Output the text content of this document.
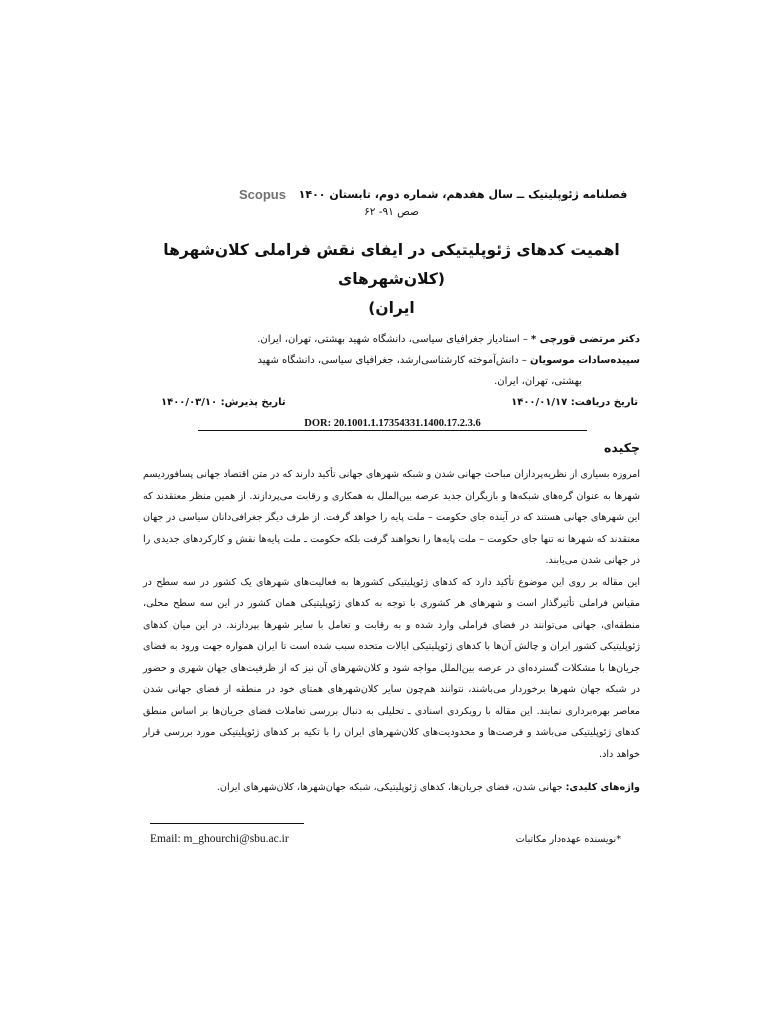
فصلنامه ژئوپلیتیک ــ سال هفدهم، شماره دوم، تابستان ۱۴۰۰
Scopus
صص ۹۱- ۶۲
اهمیت کدهای ژئوپلیتیکی در ایفای نقش فراملی کلان‌شهرها (کلان‌شهرهای
ایران)
دکتر مرتضی قورچی * – استادیار جغرافیای سیاسی، دانشگاه شهید بهشتی، تهران، ایران.
سپیده‌سادات موسویان – دانش‌آموخته کارشناسی‌ارشد، جغرافیای سیاسی، دانشگاه شهید
بهشتی، تهران، ایران.
تاریخ دریافت: ۱۴۰۰/۰۱/۱۷
تاریخ پذیرش: ۱۴۰۰/۰۳/۱۰
DOR: 20.1001.1.17354331.1400.17.2.3.6
چکیده

امروزه بسیاری از نظریه‌پردازان مباحث جهانی شدن و شبکه شهرهای جهانی تأکید دارند که در متن اقتصاد جهانی پسافوردیسم شهرها به عنوان گره‌های شبکه‌ها و بازیگران جدید عرصه بین‌الملل به همکاری و رقابت می‌پردازند. از همین منظر معتقدند که این شهرهای جهانی هستند که در آینده جای حکومت – ملت پایه را خواهد گرفت. از طرف دیگر جغرافی‌دانان سیاسی در جهان معتقدند که شهرها نه تنها جای حکومت – ملت پایه‌ها را نخواهند گرفت بلکه حکومت ـ ملت پایه‌ها نقش و کارکردهای جدیدی را در جهانی شدن می‌یابند.

این مقاله بر روی این موضوع تأکید دارد که کدهای ژئوپلیتیکی کشورها به فعالیت‌های شهرهای یک کشور در سه سطح در مقیاس فراملی تأثیرگذار است و شهرهای هر کشوری با توجه به کدهای ژئوپلیتیکی همان کشور در این سه سطح محلی، منطقه‌ای، جهانی می‌توانند در فضای فراملی وارد شده و به رقابت و تعامل با سایر شهرها بپردازند. در این میان کدهای ژئوپلیتیکی کشور ایران و چالش آن‌ها با کدهای ژئوپلیتیکی ایالات متحده سبب شده است تا ایران همواره جهت ورود به فضای جریان‌ها با مشکلات گسترده‌ای در عرصه بین‌الملل مواجه شود و کلان‌شهرهای آن نیز که از ظرفیت‌های جهان شهری و حضور در شبکه جهان شهرها برخوردار می‌باشند، نتوانند هم‌چون سایر کلان‌شهرهای همتای خود در منطقه از فضای جهانی شدن معاصر بهره‌برداری نمایند. این مقاله با رویکردی اسنادی ـ تحلیلی به دنبال بررسی تعاملات فضای جریان‌ها بر اساس منطق کدهای ژئوپلیتیکی می‌باشد و فرصت‌ها و محدودیت‌های کلان‌شهرهای ایران را با تکیه بر کدهای ژئوپلیتیکی مورد بررسی قرار خواهد داد.

واژه‌های کلیدی: جهانی شدن، فضای جریان‌ها، کدهای ژئوپلیتیکی، شبکه جهان‌شهرها، کلان‌شهرهای ایران.
Email: m_ghourchi@sbu.ac.ir	*نویسنده عهده‌دار مکاتبات
